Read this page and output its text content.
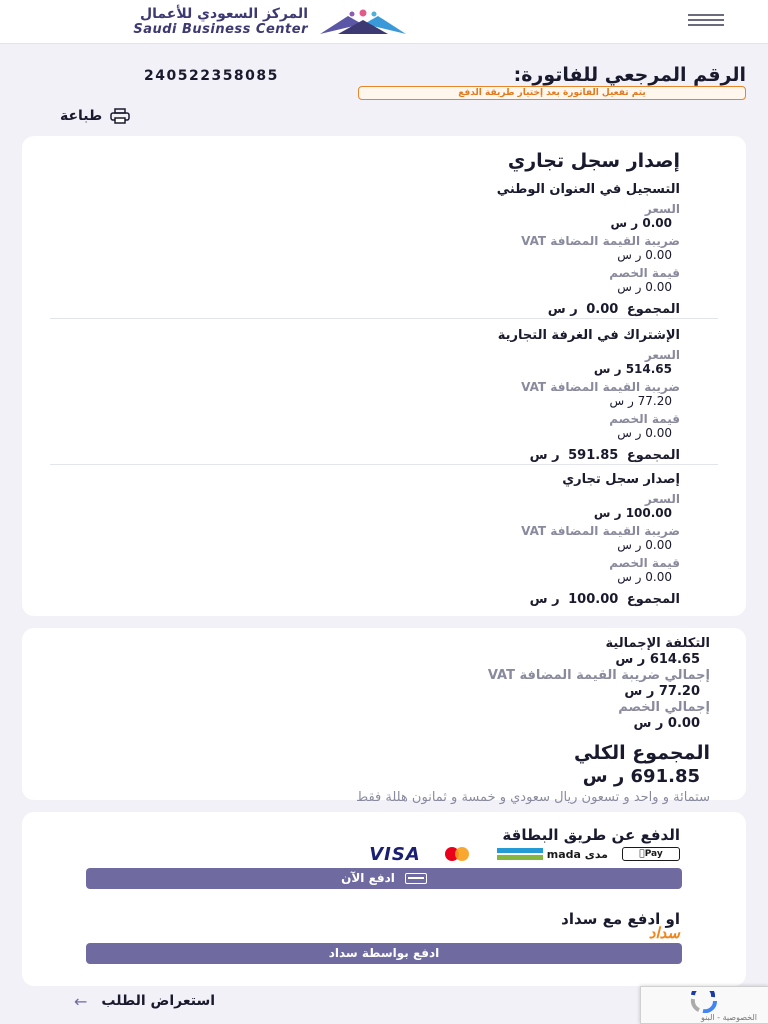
المركز السعودي للأعمال
Saudi Business Center
الرقم المرجعي للفاتورة:
240522358085
يتم تفعيل الفاتورة بعد إختيار طريقة الدفع
طباعة
إصدار سجل تجاري
التسجيل في العنوان الوطني
السعر
0.00 ر س
ضريبة القيمة المضافة VAT
0.00 ر س
قيمة الخصم
0.00 ر س
المجموع 0.00 ر س
الإشتراك في الغرفة التجارية
السعر
514.65 ر س
ضريبة القيمة المضافة VAT
77.20 ر س
قيمة الخصم
0.00 ر س
المجموع 591.85 ر س
إصدار سجل تجاري
السعر
100.00 ر س
ضريبة القيمة المضافة VAT
0.00 ر س
قيمة الخصم
0.00 ر س
المجموع 100.00 ر س
التكلفة الإجمالية
614.65 ر س
إجمالي ضريبة القيمة المضافة VAT
77.20 ر س
إجمالي الخصم
0.00 ر س
المجموع الكلي
691.85 ر س
ستمائة و واحد و تسعون ريال سعودي و خمسة و ثمانون هللة فقط
الدفع عن طريق البطاقة
Pay
مدى mada
VISA
ادفع الآن
او ادفع مع سداد
سداد
ادفع بواسطة سداد
← استعراض الطلب
الخصوصية - البنو
